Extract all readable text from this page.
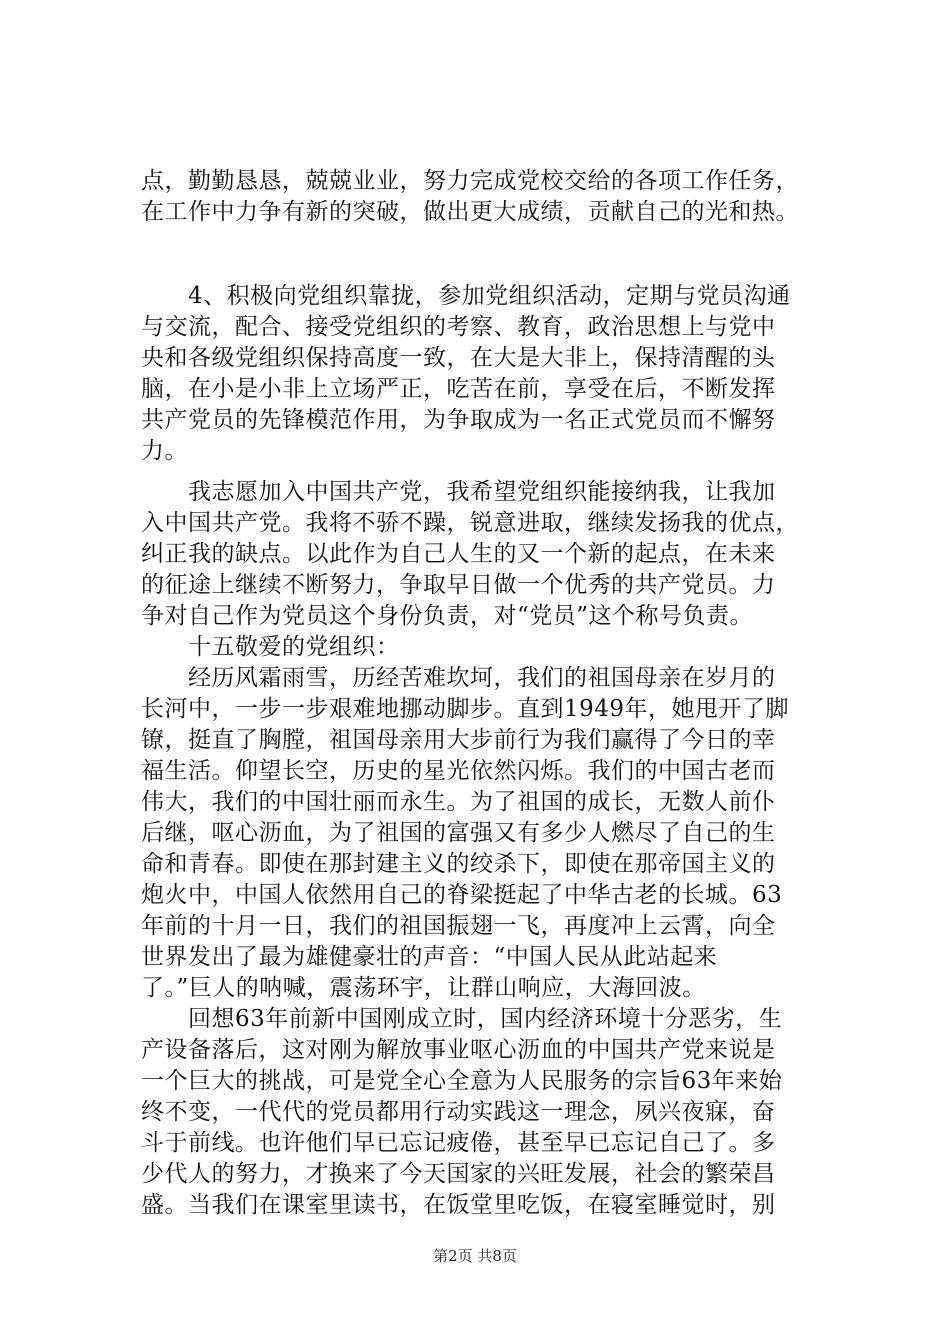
点，勤勤恳恳，兢兢业业，努力完成党校交给的各项工作任务，
在工作中力争有新的突破，做出更大成绩，贡献自己的光和热。
　　4、积极向党组织靠拢，参加党组织活动，定期与党员沟通
与交流，配合、接受党组织的考察、教育，政治思想上与党中
央和各级党组织保持高度一致，在大是大非上，保持清醒的头
脑，在小是小非上立场严正，吃苦在前，享受在后，不断发挥
共产党员的先锋模范作用，为争取成为一名正式党员而不懈努
力。
　　我志愿加入中国共产党，我希望党组织能接纳我，让我加
入中国共产党。我将不骄不躁，锐意进取，继续发扬我的优点，
纠正我的缺点。以此作为自己人生的又一个新的起点，在未来
的征途上继续不断努力，争取早日做一个优秀的共产党员。力
争对自己作为党员这个身份负责，对“党员”这个称号负责。
　　十五敬爱的党组织：
　　经历风霜雨雪，历经苦难坎坷，我们的祖国母亲在岁月的
长河中，一步一步艰难地挪动脚步。直到1949年，她甩开了脚
镣，挺直了胸膛，祖国母亲用大步前行为我们赢得了今日的幸
福生活。仰望长空，历史的星光依然闪烁。我们的中国古老而
伟大，我们的中国壮丽而永生。为了祖国的成长，无数人前仆
后继，呕心沥血，为了祖国的富强又有多少人燃尽了自己的生
命和青春。即使在那封建主义的绞杀下，即使在那帝国主义的
炮火中，中国人依然用自己的脊梁挺起了中华古老的长城。63
年前的十月一日，我们的祖国振翅一飞，再度冲上云霄，向全
世界发出了最为雄健豪壮的声音：“中国人民从此站起来
了。”巨人的呐喊，震荡环宇，让群山响应，大海回波。
　　回想63年前新中国刚成立时，国内经济环境十分恶劣，生
产设备落后，这对刚为解放事业呕心沥血的中国共产党来说是
一个巨大的挑战，可是党全心全意为人民服务的宗旨63年来始
终不变，一代代的党员都用行动实践这一理念，夙兴夜寐，奋
斗于前线。也许他们早已忘记疲倦，甚至早已忘记自己了。多
少代人的努力，才换来了今天国家的兴旺发展，社会的繁荣昌
盛。当我们在课室里读书，在饭堂里吃饭，在寝室睡觉时，别
第2页 共8页
